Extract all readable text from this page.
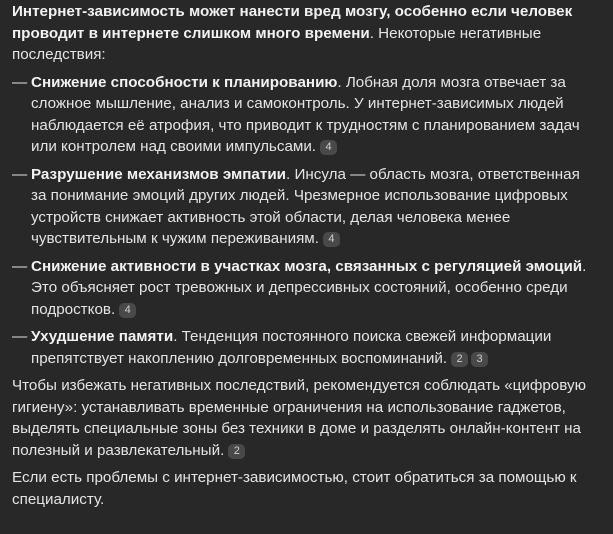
Интернет-зависимость может нанести вред мозгу, особенно если человек проводит в интернете слишком много времени. Некоторые негативные последствия:

— Снижение способности к планированию. Лобная доля мозга отвечает за сложное мышление, анализ и самоконтроль. У интернет-зависимых людей наблюдается её атрофия, что приводит к трудностям с планированием задач или контролем над своими импульсами. 4
— Разрушение механизмов эмпатии. Инсула — область мозга, ответственная за понимание эмоций других людей. Чрезмерное использование цифровых устройств снижает активность этой области, делая человека менее чувствительным к чужим переживаниям. 4
— Снижение активности в участках мозга, связанных с регуляцией эмоций. Это объясняет рост тревожных и депрессивных состояний, особенно среди подростков. 4
— Ухудшение памяти. Тенденция постоянного поиска свежей информации препятствует накоплению долговременных воспоминаний. 2 3

Чтобы избежать негативных последствий, рекомендуется соблюдать «цифровую гигиену»: устанавливать временные ограничения на использование гаджетов, выделять специальные зоны без техники в доме и разделять онлайн-контент на полезный и развлекательный. 2

Если есть проблемы с интернет-зависимостью, стоит обратиться за помощью к специалисту.
